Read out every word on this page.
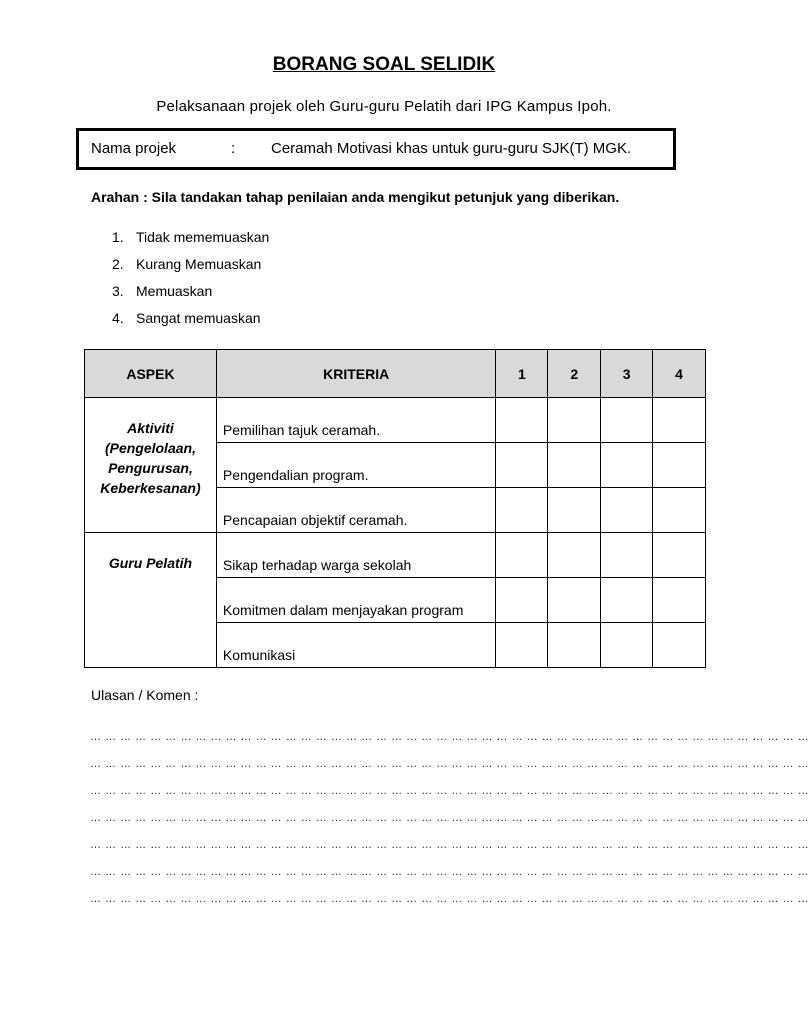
BORANG SOAL SELIDIK
Pelaksanaan projek oleh Guru-guru Pelatih dari IPG Kampus Ipoh.
Nama projek	: Ceramah Motivasi khas untuk guru-guru SJK(T) MGK.
Arahan : Sila tandakan tahap penilaian anda mengikut petunjuk yang diberikan.
1. Tidak mememuaskan
2. Kurang Memuaskan
3. Memuaskan
4. Sangat memuaskan
ASPEK	KRITERIA	1	2	3	4
Aktiviti
(Pengelolaan,
Pengurusan,
Keberkesanan)	Pemilihan tajuk ceramah.				
	Pengendalian program.				
	Pencapaian objektif ceramah.				
Guru Pelatih	Sikap terhadap warga sekolah				
	Komitmen dalam menjayakan program				
	Komunikasi				
Ulasan / Komen :
… … … … … … … … … … … … … … … … … … … … … … … … … … … … … … … … … … … … … … … … … … … … … … … …
… … … … … … … … … … … … … … … … … … … … … … … … … … … … … … … … … … … … … … … … … … … … … … … …
… … … … … … … … … … … … … … … … … … … … … … … … … … … … … … … … … … … … … … … … … … … … … … … …
… … … … … … … … … … … … … … … … … … … … … … … … … … … … … … … … … … … … … … … … … … … … … … … …
… … … … … … … … … … … … … … … … … … … … … … … … … … … … … … … … … … … … … … … … … … … … … … … …
… … … … … … … … … … … … … … … … … … … … … … … … … … … … … … … … … … … … … … … … … … … … … … … …
… … … … … … … … … … … … … … … … … … … … … … … … … … … … … … … … … … … … … … … … … … … … … … … …
